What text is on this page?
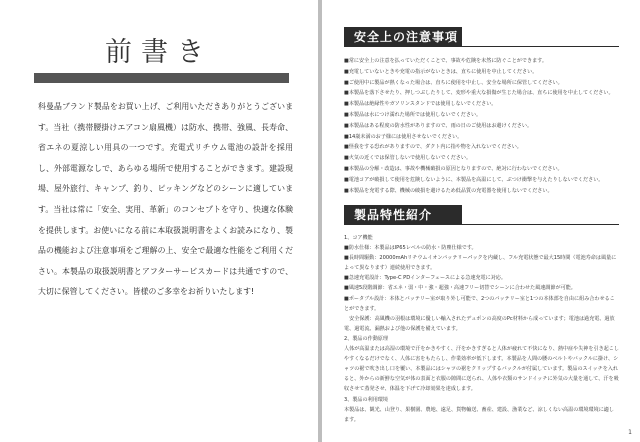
前書き

科曼晶ブランド製品をお買い上げ、ご利用いただきありがとうございます。当社（携帯腰掛けエアコン扇風機）は防水、携帯、強風、長寿命、省エネの夏涼しい用具の一つです。充電式リチウム電池の設計を採用し、外部電源なしで、あらゆる場所で使用することができます。建設現場、屋外旅行、キャンプ、釣り、ピッキングなどのシーンに適しています。当社は常に「安全、実用、革新」のコンセプトを守り、快適な体験を提供します。お使いになる前に本取扱説明書をよくお読みになり、製品の機能および注意事項をご理解の上、安全で最適な性能をご利用ください。本製品の取扱説明書とアフターサービスカードは共通ですので、大切に保管してください。皆様のご多幸をお祈りいたします!

安全上の注意事項
■常に安全上の注意を払っていただくことで、事故や危険を未然に防ぐことができます。
■充電していないときや充電の指示がないときは、直ちに使用を中止してください。
■ご使用中に製品が熱くなった場合は、直ちに使用を中止し、安全な場所に保管してください。
■本製品を落下させたり、押しつぶしたりして、変形や重大な損傷が生じた場合は、直ちに使用を中止してください。
■本製品は絶縁性やガソリンスタンドでは使用しないでください。
■本製品は水につけ濡れた場所では使用しないでください。
■本製品はある程度の防水性がありますので、雨の日のご使用はお避けください。
■14歳未満のお子様には使用させないでください。
■怪我をする恐れがありますので、ダクト内に指や物を入れないでください。
■火気の近くでは保管しないで使用しないでください。
■本製品の分解・改造は、事故や機械破損の原因となりますので、絶対に行わないでください。
■電池コアが破損して使用を危険しないように、本製品を高温にして、ぶつけ衝撃を与えたりしないでください。
■本製品を充電する際、機械の破損を避けるため低品質の充電器を使用しないでください。
製品特性紹介
1、コア機能
■防水仕様：本製品はIP65レベルの防水・防塵仕様です。
■長時間駆動：20000mAhリチウムイオンバッテリーパックを内蔵し、フル充電状態で最大15時間（電池寿命は風量によって異なります）連続使用できます。
■急速充電設計：Type-C PDインターフェースによる急速充電に対応。
■風速5段階調節：省エネ・弱・中・強・超強・高速フリー切替でシーンに合わせた風速調節が可能。
■ポータブル設計：本体とバッテリー室が取り外し可能で、2つのバッテリー室と1つの本体部を自由に組み合わせることができます。
　安全保護：高風機の羽根は環境に優しい輸入されたデュポンの高度のPc材料から成っています；電池は過充電、過放電、過電流、漏熱および他の保護を備えています。
2、製品の作動原理
人体が高温または高湿の環境で汗をかきやすく、汗をかきすぎると人体が疲れて不快になり、熱中症や失神を引き起こしやすくなるだけでなく、人体に害をもたらし、作業効率が低下します。本製品を人間の腰のベルトやバックルに掛け、シャツの裾で吹き出し口を覆い、本製品にはシャツの裾をクリップするバックルが付属しています。製品のスイッチを入れると、外からの新鮮な空気が体の表面と衣服の隙間に送られ、人体や衣類のサンドイッチに外気の大量を通して、汗を吸収させて蒸発させ、体温を下げて冷却効果を達成します。
3、製品の利用環境
本製品は、観光、山登り、果樹園、農地、遠足、貨物輸送、畜産、建設、漁業など、涼しくない高温の環境環境に適します。
1
